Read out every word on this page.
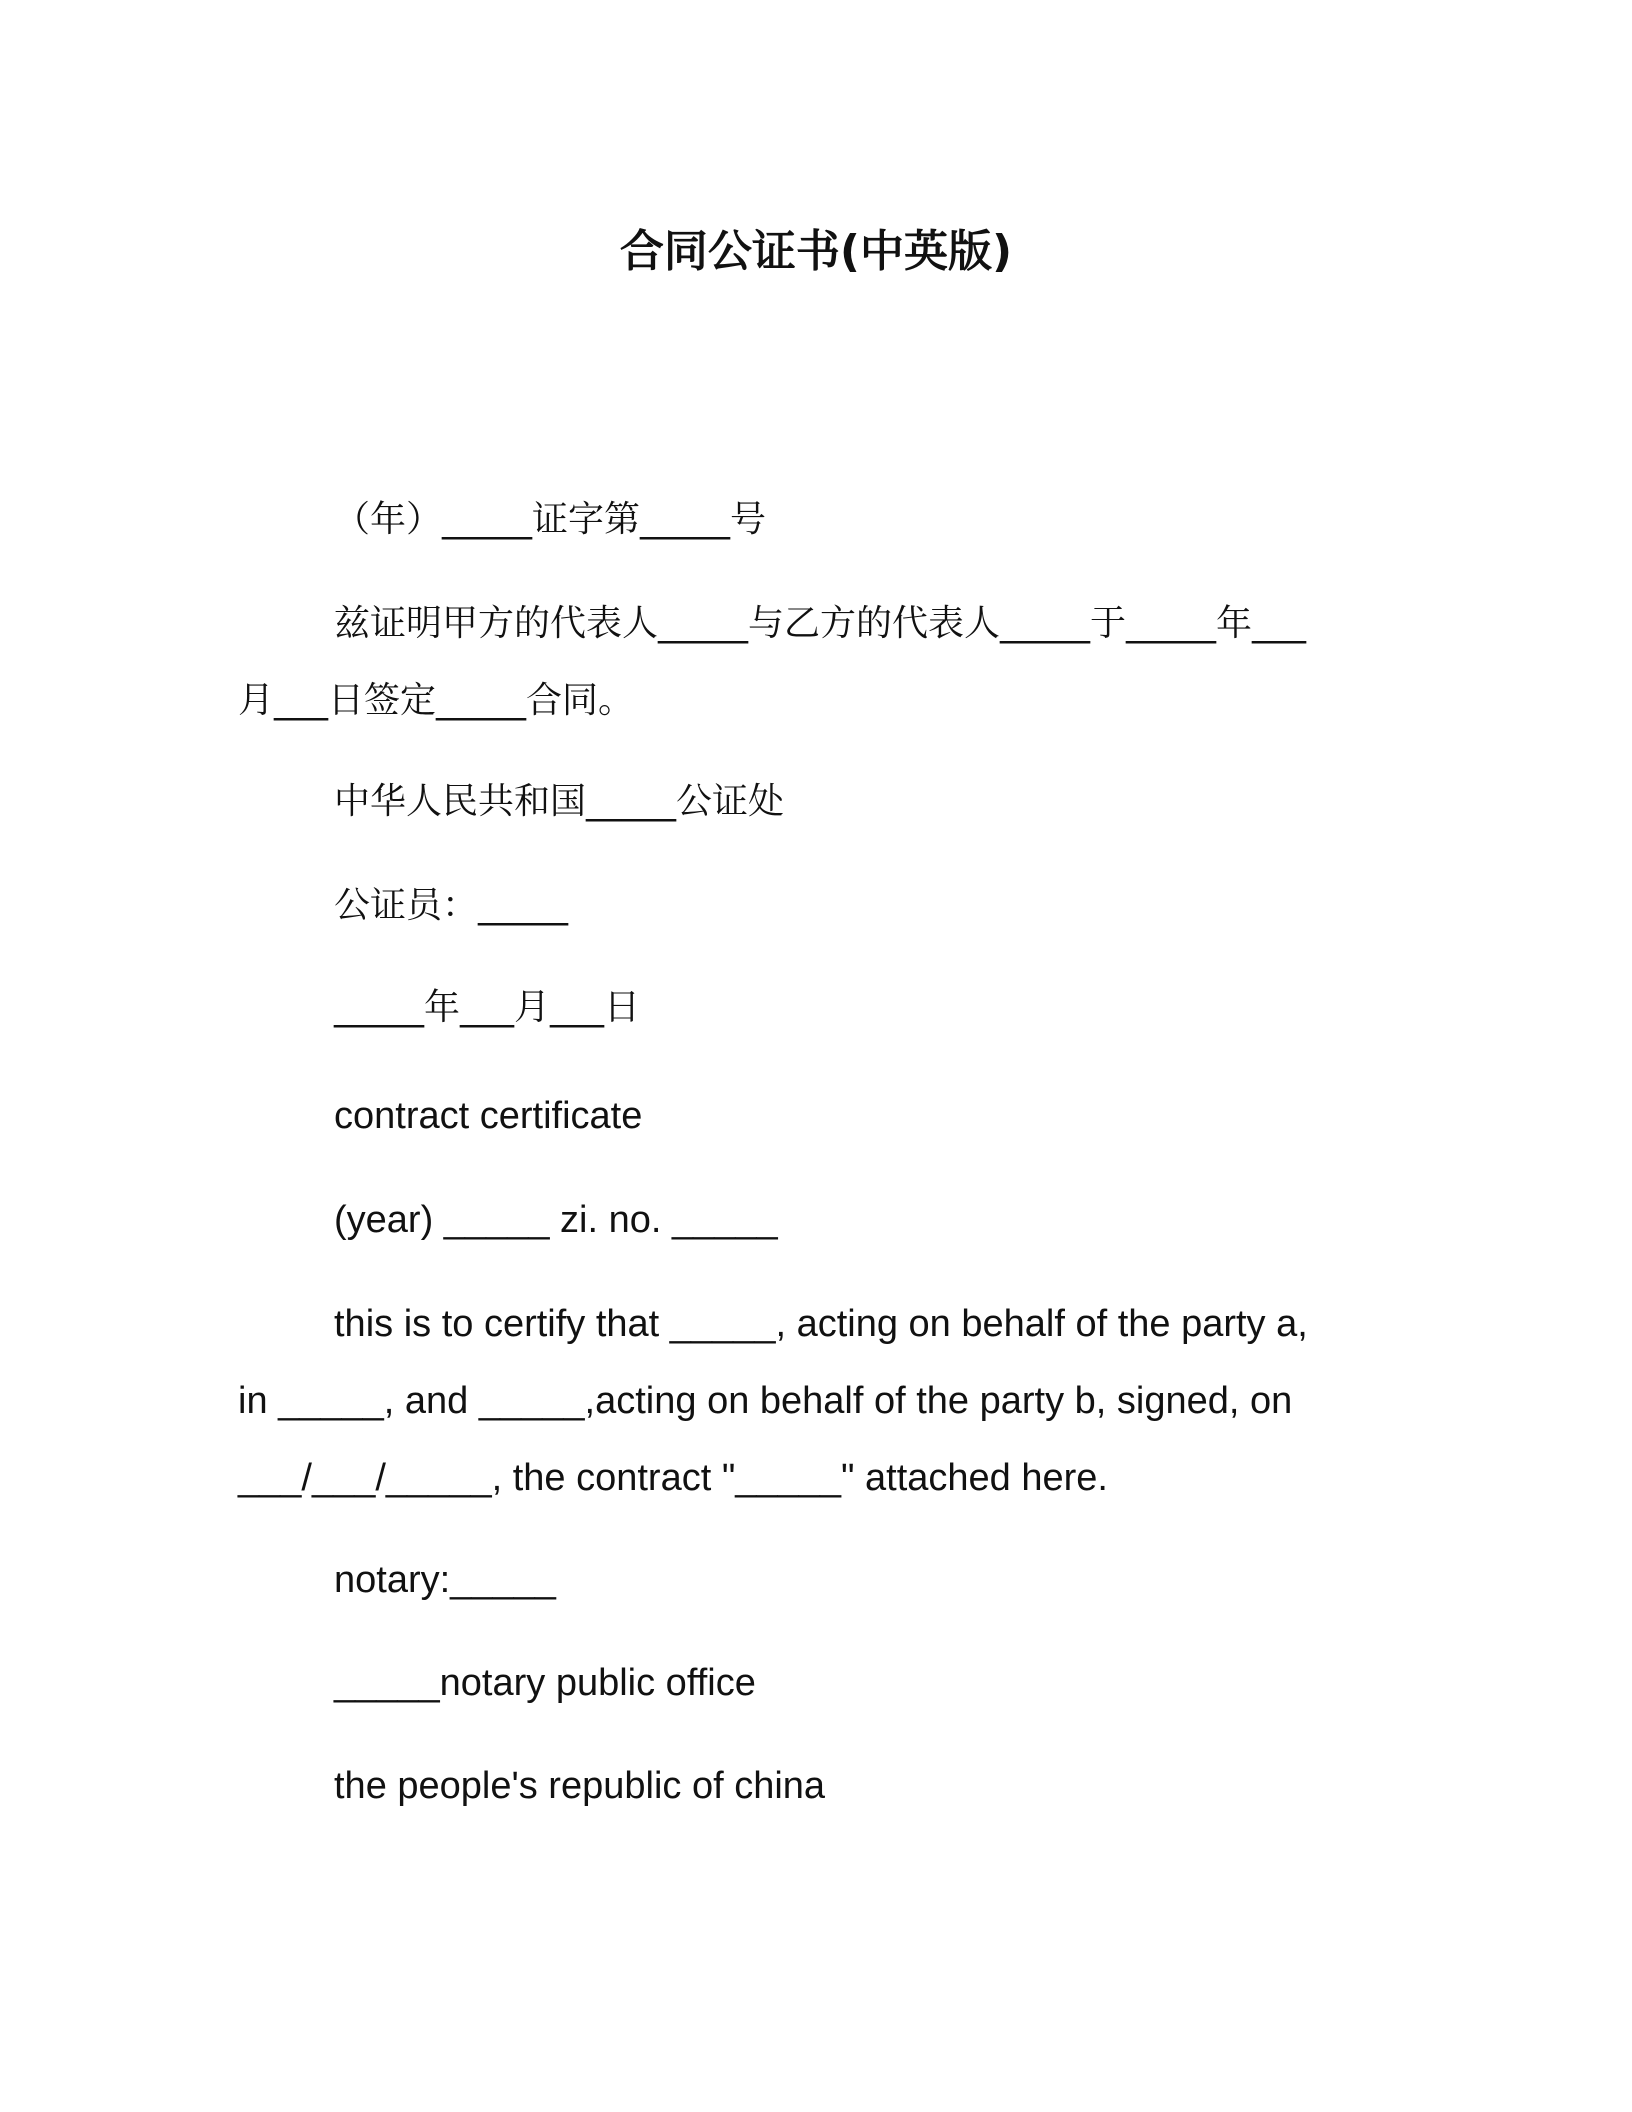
合同公证书(中英版)
（年）_____证字第_____号
兹证明甲方的代表人_____与乙方的代表人_____于_____年___
月___日签定_____合同。
中华人民共和国_____公证处
公证员：_____
_____年___月___日
contract certificate
(year) _____ zi. no. _____
this is to certify that _____, acting on behalf of the party a,
in _____, and _____,acting on behalf of the party b, signed, on
___/___/_____, the contract "_____" attached here.
notary:_____
_____notary public office
the people's republic of china
